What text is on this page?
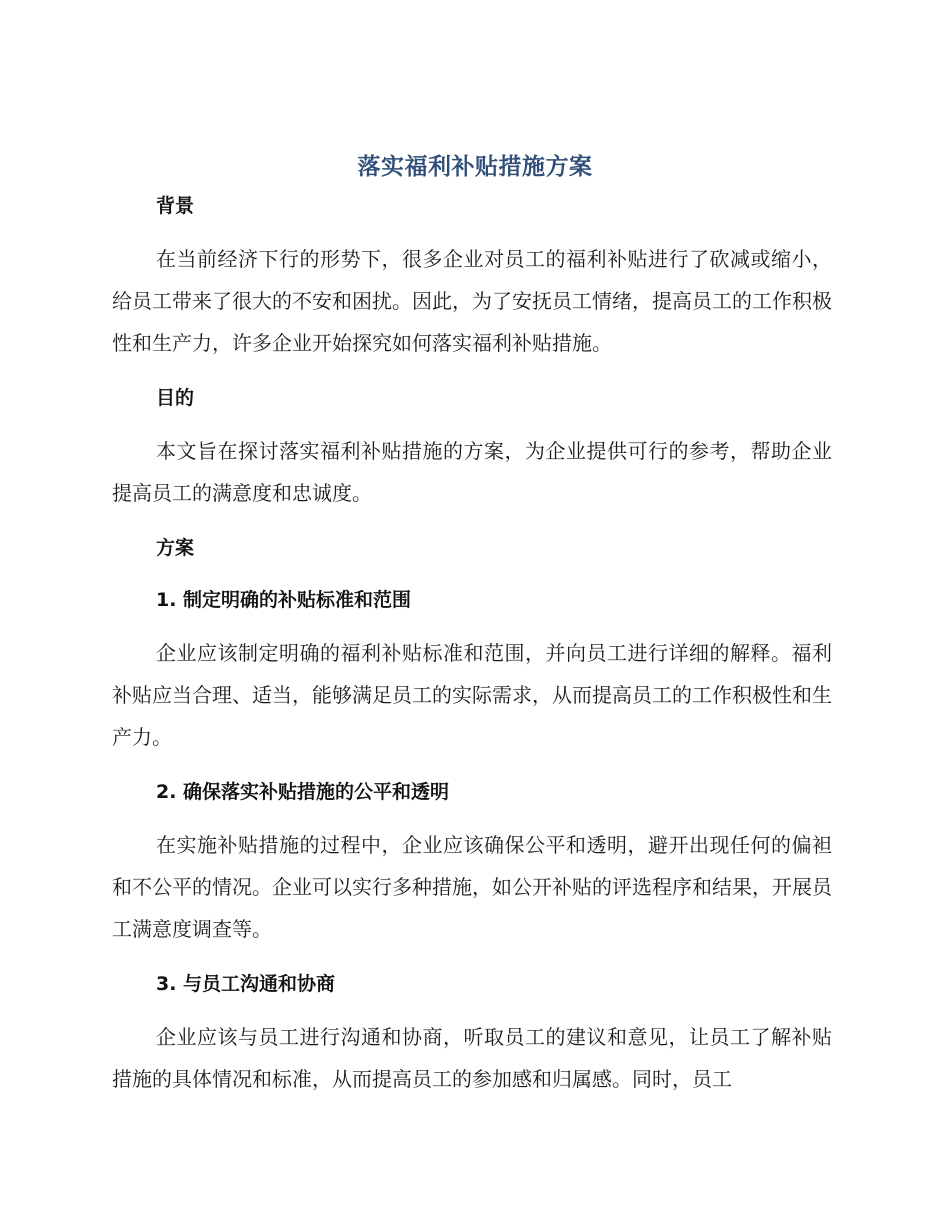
落实福利补贴措施方案

背景

在当前经济下行的形势下，很多企业对员工的福利补贴进行了砍减或缩小，给员工带来了很大的不安和困扰。因此，为了安抚员工情绪，提高员工的工作积极性和生产力，许多企业开始探究如何落实福利补贴措施。

目的

本文旨在探讨落实福利补贴措施的方案，为企业提供可行的参考，帮助企业提高员工的满意度和忠诚度。

方案

1. 制定明确的补贴标准和范围

企业应该制定明确的福利补贴标准和范围，并向员工进行详细的解释。福利补贴应当合理、适当，能够满足员工的实际需求，从而提高员工的工作积极性和生产力。

2. 确保落实补贴措施的公平和透明

在实施补贴措施的过程中，企业应该确保公平和透明，避开出现任何的偏袒和不公平的情况。企业可以实行多种措施，如公开补贴的评选程序和结果，开展员工满意度调查等。

3. 与员工沟通和协商

企业应该与员工进行沟通和协商，听取员工的建议和意见，让员工了解补贴措施的具体情况和标准，从而提高员工的参加感和归属感。同时，员工
